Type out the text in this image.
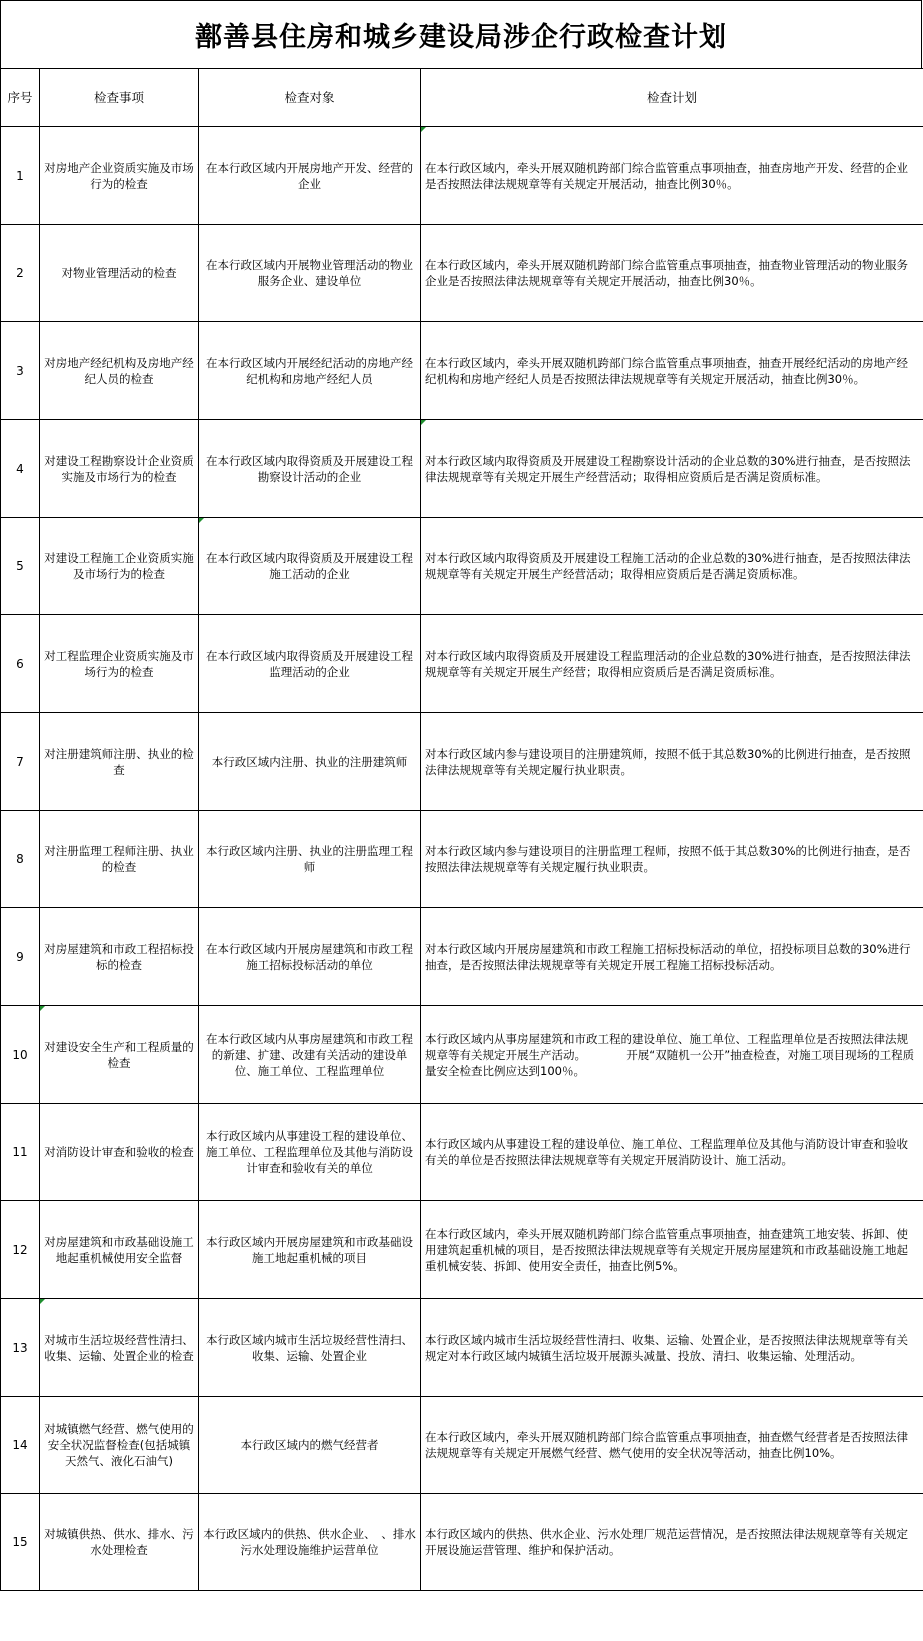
鄯善县住房和城乡建设局涉企行政检查计划
序号	检查事项	检查对象	检查计划
1	对房地产企业资质实施及市场行为的检查	在本行政区域内开展房地产开发、经营的企业	在本行政区域内，牵头开展双随机跨部门综合监管重点事项抽查，抽查房地产开发、经营的企业是否按照法律法规规章等有关规定开展活动，抽查比例30％。

2	对物业管理活动的检查	在本行政区域内开展物业管理活动的物业服务企业、建设单位	在本行政区域内，牵头开展双随机跨部门综合监管重点事项抽查，抽查物业管理活动的物业服务企业是否按照法律法规规章等有关规定开展活动，抽查比例30％。
3	对房地产经纪机构及房地产经纪人员的检查	在本行政区域内开展经纪活动的房地产经纪机构和房地产经纪人员	在本行政区域内，牵头开展双随机跨部门综合监管重点事项抽查，抽查开展经纪活动的房地产经纪机构和房地产经纪人员是否按照法律法规规章等有关规定开展活动，抽查比例30％。
4	对建设工程勘察设计企业资质实施及市场行为的检查	在本行政区域内取得资质及开展建设工程勘察设计活动的企业	对本行政区域内取得资质及开展建设工程勘察设计活动的企业总数的30%进行抽查，是否按照法律法规规章等有关规定开展生产经营活动；取得相应资质后是否满足资质标准。

5	对建设工程施工企业资质实施及市场行为的检查	在本行政区域内取得资质及开展建设工程施工活动的企业	对本行政区域内取得资质及开展建设工程施工活动的企业总数的30%进行抽查，是否按照法律法规规章等有关规定开展生产经营活动；取得相应资质后是否满足资质标准。
6	对工程监理企业资质实施及市场行为的检查	在本行政区域内取得资质及开展建设工程监理活动的企业	对本行政区域内取得资质及开展建设工程监理活动的企业总数的30%进行抽查，是否按照法律法规规章等有关规定开展生产经营；取得相应资质后是否满足资质标准。
7	对注册建筑师注册、执业的检查	本行政区域内注册、执业的注册建筑师	对本行政区域内参与建设项目的注册建筑师，按照不低于其总数30%的比例进行抽查，是否按照法律法规规章等有关规定履行执业职责。
8	对注册监理工程师注册、执业的检查	本行政区域内注册、执业的注册监理工程师	对本行政区域内参与建设项目的注册监理工程师，按照不低于其总数30%的比例进行抽查，是否按照法律法规规章等有关规定履行执业职责。
9	对房屋建筑和市政工程招标投标的检查	在本行政区域内开展房屋建筑和市政工程施工招标投标活动的单位	对本行政区域内开展房屋建筑和市政工程施工招标投标活动的单位，招投标项目总数的30%进行抽查，是否按照法律法规规章等有关规定开展工程施工招标投标活动。
10	对建设安全生产和工程质量的检查	在本行政区域内从事房屋建筑和市政工程的新建、扩建、改建有关活动的建设单位、施工单位、工程监理单位	本行政区域内从事房屋建筑和市政工程的建设单位、施工单位、工程监理单位是否按照法律法规规章等有关规定开展生产活动。　　　　开展“双随机一公开”抽查检查，对施工项目现场的工程质量安全检查比例应达到100％。
11	对消防设计审查和验收的检查	本行政区域内从事建设工程的建设单位、施工单位、工程监理单位及其他与消防设计审查和验收有关的单位	本行政区域内从事建设工程的建设单位、施工单位、工程监理单位及其他与消防设计审查和验收有关的单位是否按照法律法规规章等有关规定开展消防设计、施工活动。
12	对房屋建筑和市政基础设施工地起重机械使用安全监督	本行政区域内开展房屋建筑和市政基础设施工地起重机械的项目	在本行政区域内，牵头开展双随机跨部门综合监管重点事项抽查，抽查建筑工地安装、拆卸、使用建筑起重机械的项目，是否按照法律法规规章等有关规定开展房屋建筑和市政基础设施工地起重机械安装、拆卸、使用安全责任，抽查比例5%。
13	对城市生活垃圾经营性清扫、收集、运输、处置企业的检查	本行政区域内城市生活垃圾经营性清扫、收集、运输、处置企业	本行政区域内城市生活垃圾经营性清扫、收集、运输、处置企业，是否按照法律法规规章等有关规定对本行政区域内城镇生活垃圾开展源头减量、投放、清扫、收集运输、处理活动。
14	对城镇燃气经营、燃气使用的安全状况监督检查(包括城镇天然气、液化石油气)	本行政区域内的燃气经营者	在本行政区域内，牵头开展双随机跨部门综合监管重点事项抽查，抽查燃气经营者是否按照法律法规规章等有关规定开展燃气经营、燃气使用的安全状况等活动，抽查比例10%。
15	对城镇供热、供水、排水、污水处理检查	本行政区域内的供热、供水企业、　、排水污水处理设施维护运营单位	本行政区域内的供热、供水企业、污水处理厂规范运营情况，是否按照法律法规规章等有关规定开展设施运营管理、维护和保护活动。
